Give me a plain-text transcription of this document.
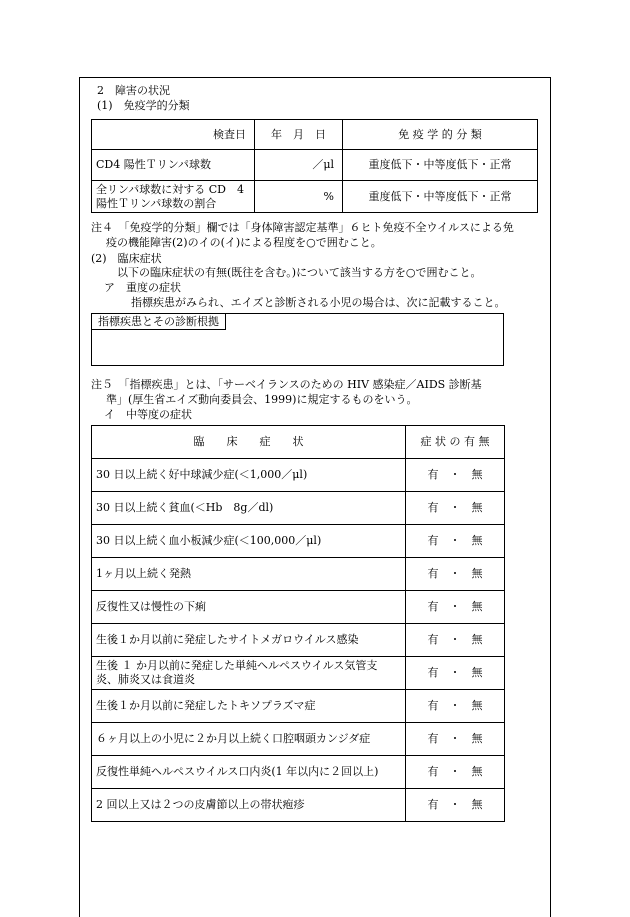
2　障害の状況
(1)　免疫学的分類
検査日	年　月　日	免 疫 学 的 分 類
CD4 陽性Ｔリンパ球数	／μl	重度低下・中等度低下・正常

全リンパ球数に対する CD　4
陽性Ｔリンパ球数の割合	%	重度低下・中等度低下・正常
注４　「免疫学的分類」欄では「身体障害認定基準」６ヒト免疫不全ウイルスによる免
疫の機能障害(2)のイの(イ)による程度を○で囲むこと。
(2)　臨床症状
以下の臨床症状の有無(既往を含む。)について該当する方を○で囲むこと。
ア　重度の症状
指標疾患がみられ、エイズと診断される小児の場合は、次に記載すること。
指標疾患とその診断根拠
注５　「指標疾患」とは、「サーベイランスのための HIV 感染症／AIDS 診断基
準」(厚生省エイズ動向委員会、1999)に規定するものをいう。
イ　中等度の症状
臨　　床　　症　　状	症 状 の 有 無
30 日以上続く好中球減少症(＜1,000／μl)	有　・　無
30 日以上続く貧血(＜Hb　8g／dl)	有　・　無
30 日以上続く血小板減少症(＜100,000／μl)	有　・　無
1ヶ月以上続く発熱	有　・　無
反復性又は慢性の下痢	有　・　無
生後１か月以前に発症したサイトメガロウイルス感染	有　・　無

生後 １ か月以前に発症した単純ヘルペスウイルス気管支
炎、肺炎又は食道炎	有　・　無
生後１か月以前に発症したトキソプラズマ症	有　・　無
６ヶ月以上の小児に２か月以上続く口腔咽頭カンジダ症	有　・　無
反復性単純ヘルペスウイルス口内炎(1 年以内に２回以上)	有　・　無
2 回以上又は２つの皮膚節以上の帯状疱疹	有　・　無
